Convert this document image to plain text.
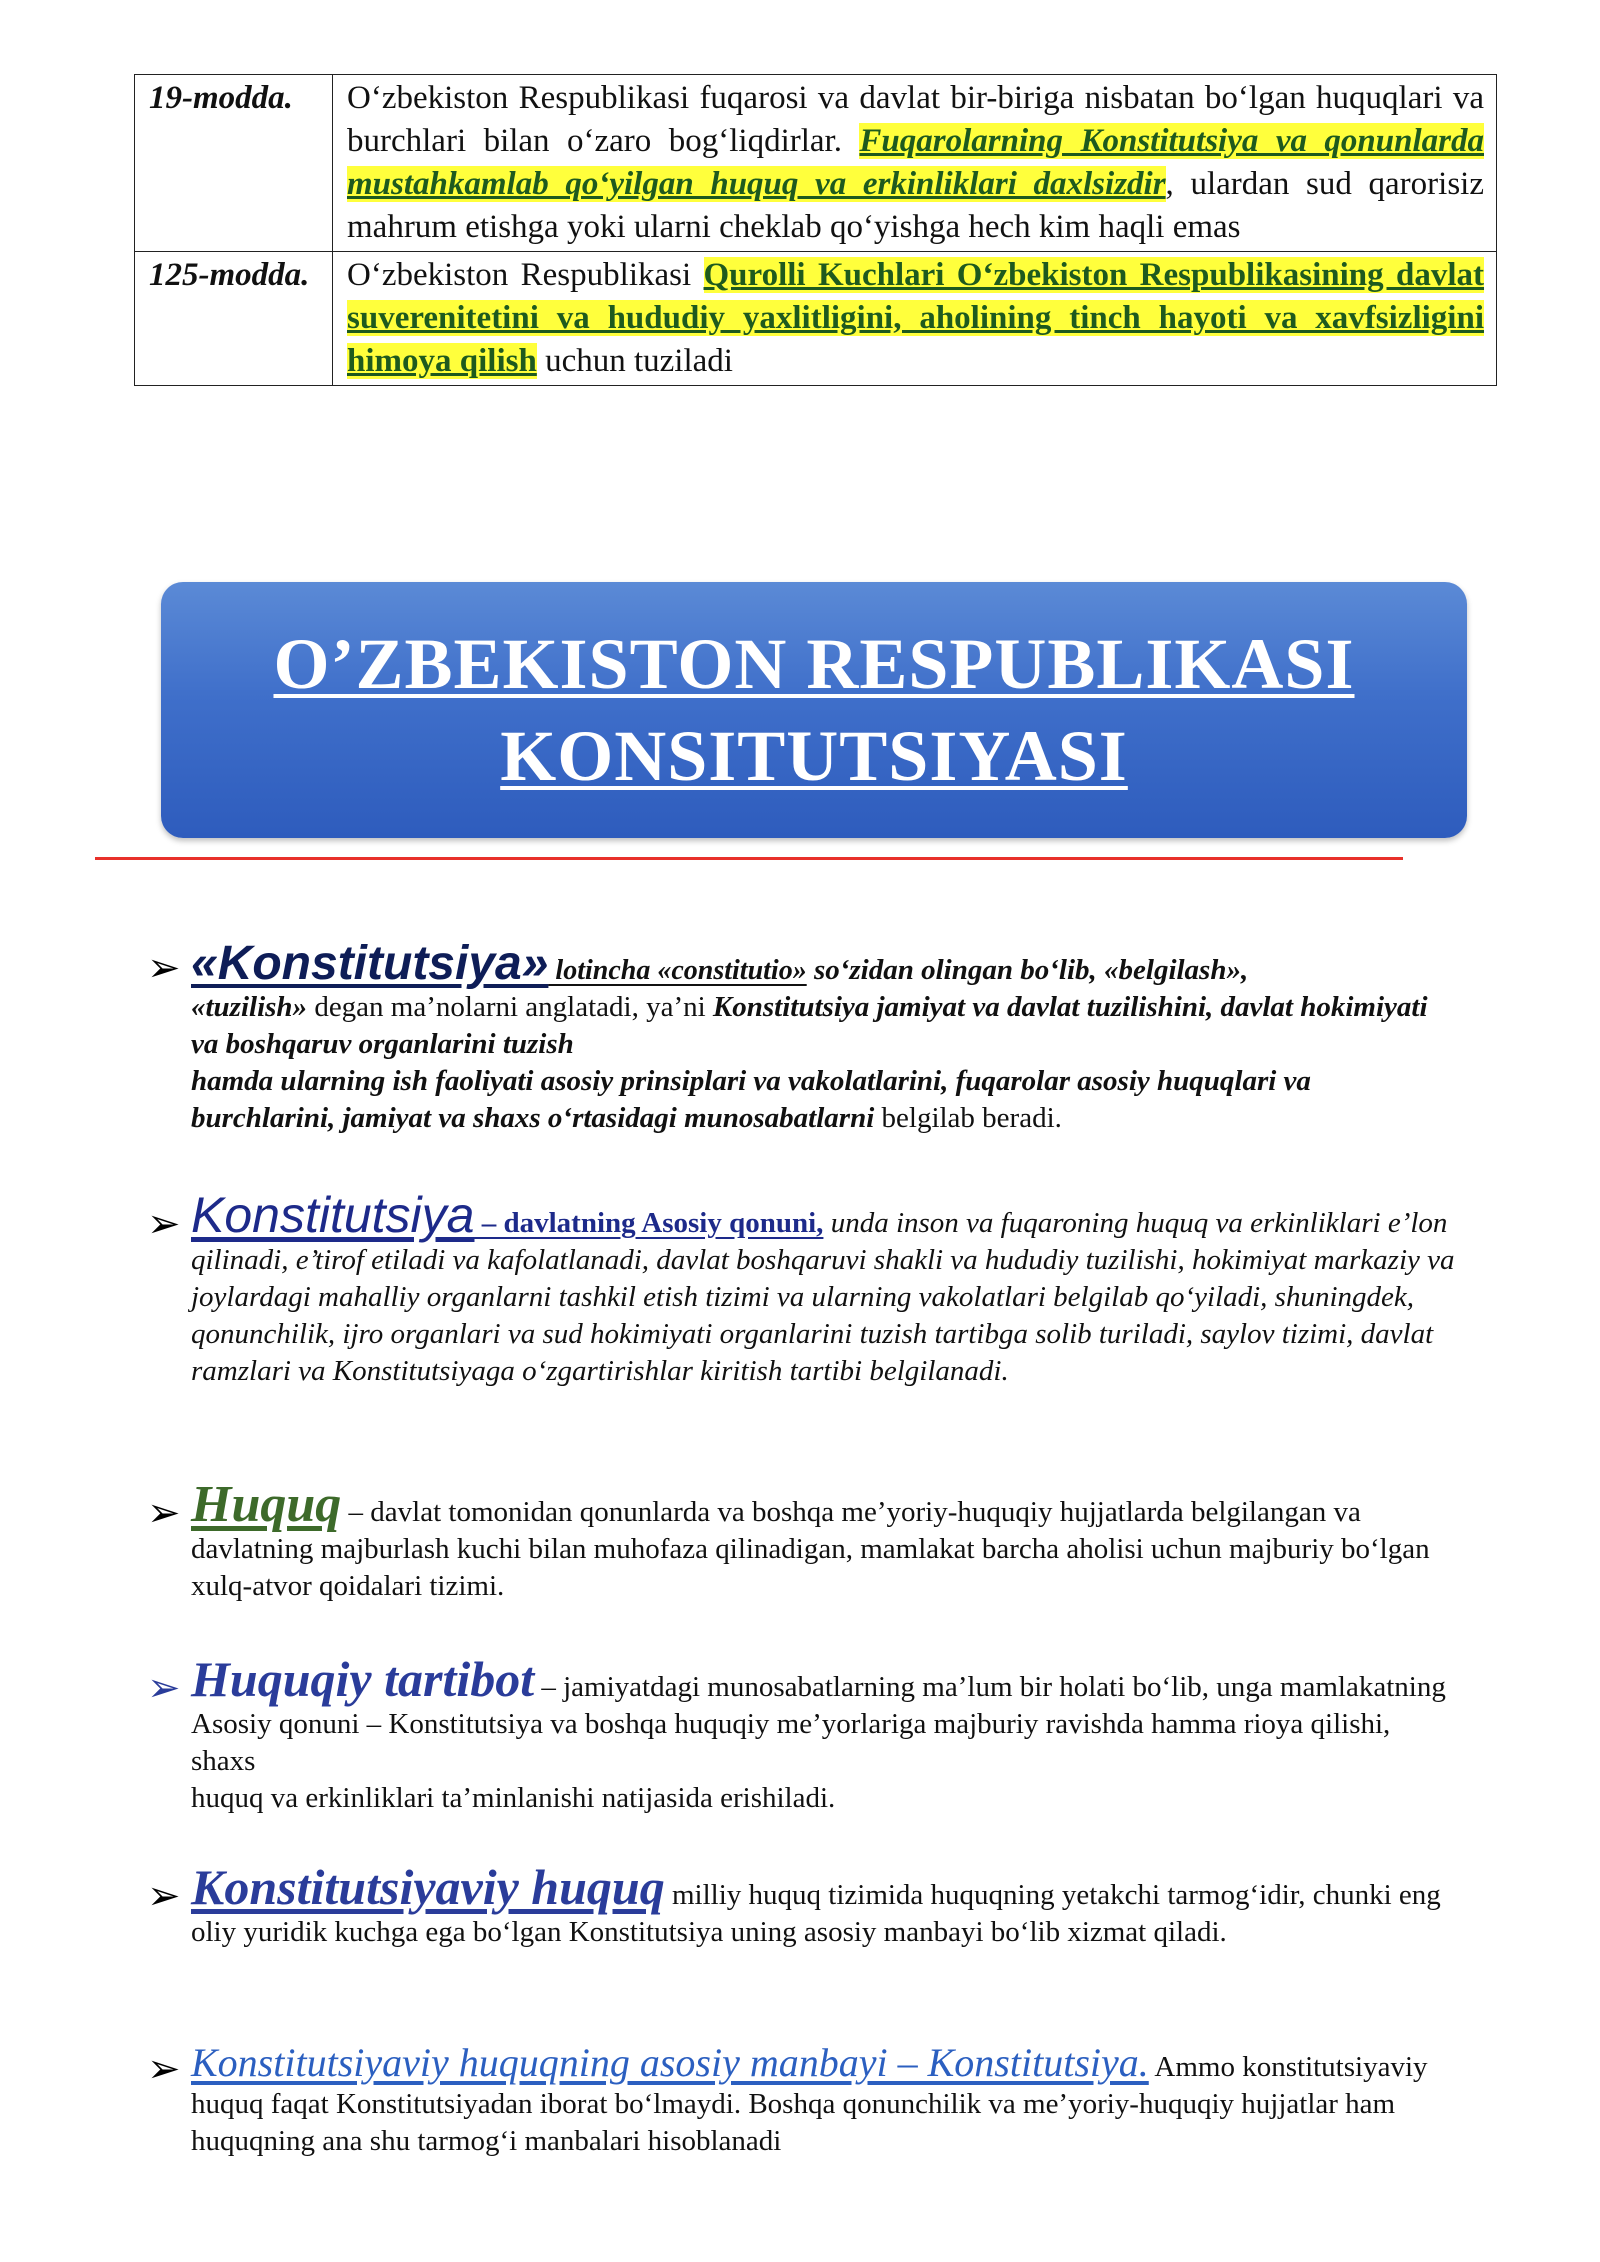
19-modda.	O‘zbekiston Respublikasi fuqarosi va davlat bir-biriga nisbatan bo‘lgan huquqlari va burchlari bilan o‘zaro bog‘liqdirlar. Fuqarolarning Konstitutsiya va qonunlarda mustahkamlab qo‘yilgan huquq va erkinliklari daxlsizdir, ulardan sud qarorisiz mahrum etishga yoki ularni cheklab qo‘yishga hech kim haqli emas
125-modda.	O‘zbekiston Respublikasi Qurolli Kuchlari O‘zbekiston Respublikasining davlat suverenitetini va hududiy yaxlitligini, aholining tinch hayoti va xavfsizligini himoya qilish uchun tuziladi
O’ZBEKISTON RESPUBLIKASI
KONSITUTSIYASI
➢ «Konstitutsiya» lotincha «constitutio» so‘zidan olingan bo‘lib, «belgilash»,
«tuzilish» degan ma’nolarni anglatadi, ya’ni Konstitutsiya jamiyat va davlat tuzilishini, davlat hokimiyati va boshqaruv organlarini tuzish
hamda ularning ish faoliyati asosiy prinsiplari va vakolatlarini, fuqarolar asosiy huquqlari va burchlarini, jamiyat va shaxs o‘rtasidagi munosabatlarni belgilab beradi.
➢ Konstitutsiya – davlatning Asosiy qonuni, unda inson va fuqaroning huquq va erkinliklari e’lon qilinadi, e’tirof etiladi va kafolatlanadi, davlat boshqaruvi shakli va hududiy tuzilishi, hokimiyat markaziy va joylardagi mahalliy organlarni tashkil etish tizimi va ularning vakolatlari belgilab qo‘yiladi, shuningdek, qonunchilik, ijro organlari va sud hokimiyati organlarini tuzish tartibga solib turiladi, saylov tizimi, davlat ramzlari va Konstitutsiyaga o‘zgartirishlar kiritish tartibi belgilanadi.
➢ Huquq – davlat tomonidan qonunlarda va boshqa me’yoriy-huquqiy hujjatlarda belgilangan va davlatning majburlash kuchi bilan muhofaza qilinadigan, mamlakat barcha aholisi uchun majburiy bo‘lgan xulq-atvor qoidalari tizimi.
➢ Huquqiy tartibot – jamiyatdagi munosabatlarning ma’lum bir holati bo‘lib, unga mamlakatning Asosiy qonuni – Konstitutsiya va boshqa huquqiy me’yorlariga majburiy ravishda hamma rioya qilishi, shaxs
huquq va erkinliklari ta’minlanishi natijasida erishiladi.
➢ Konstitutsiyaviy huquq milliy huquq tizimida huquqning yetakchi tarmog‘idir, chunki eng oliy yuridik kuchga ega bo‘lgan Konstitutsiya uning asosiy manbayi bo‘lib xizmat qiladi.
➢ Konstitutsiyaviy huquqning asosiy manbayi – Konstitutsiya. Ammo konstitutsiyaviy huquq faqat Konstitutsiyadan iborat bo‘lmaydi. Boshqa qonunchilik va me’yoriy-huquqiy hujjatlar ham huquqning ana shu tarmog‘i manbalari hisoblanadi
